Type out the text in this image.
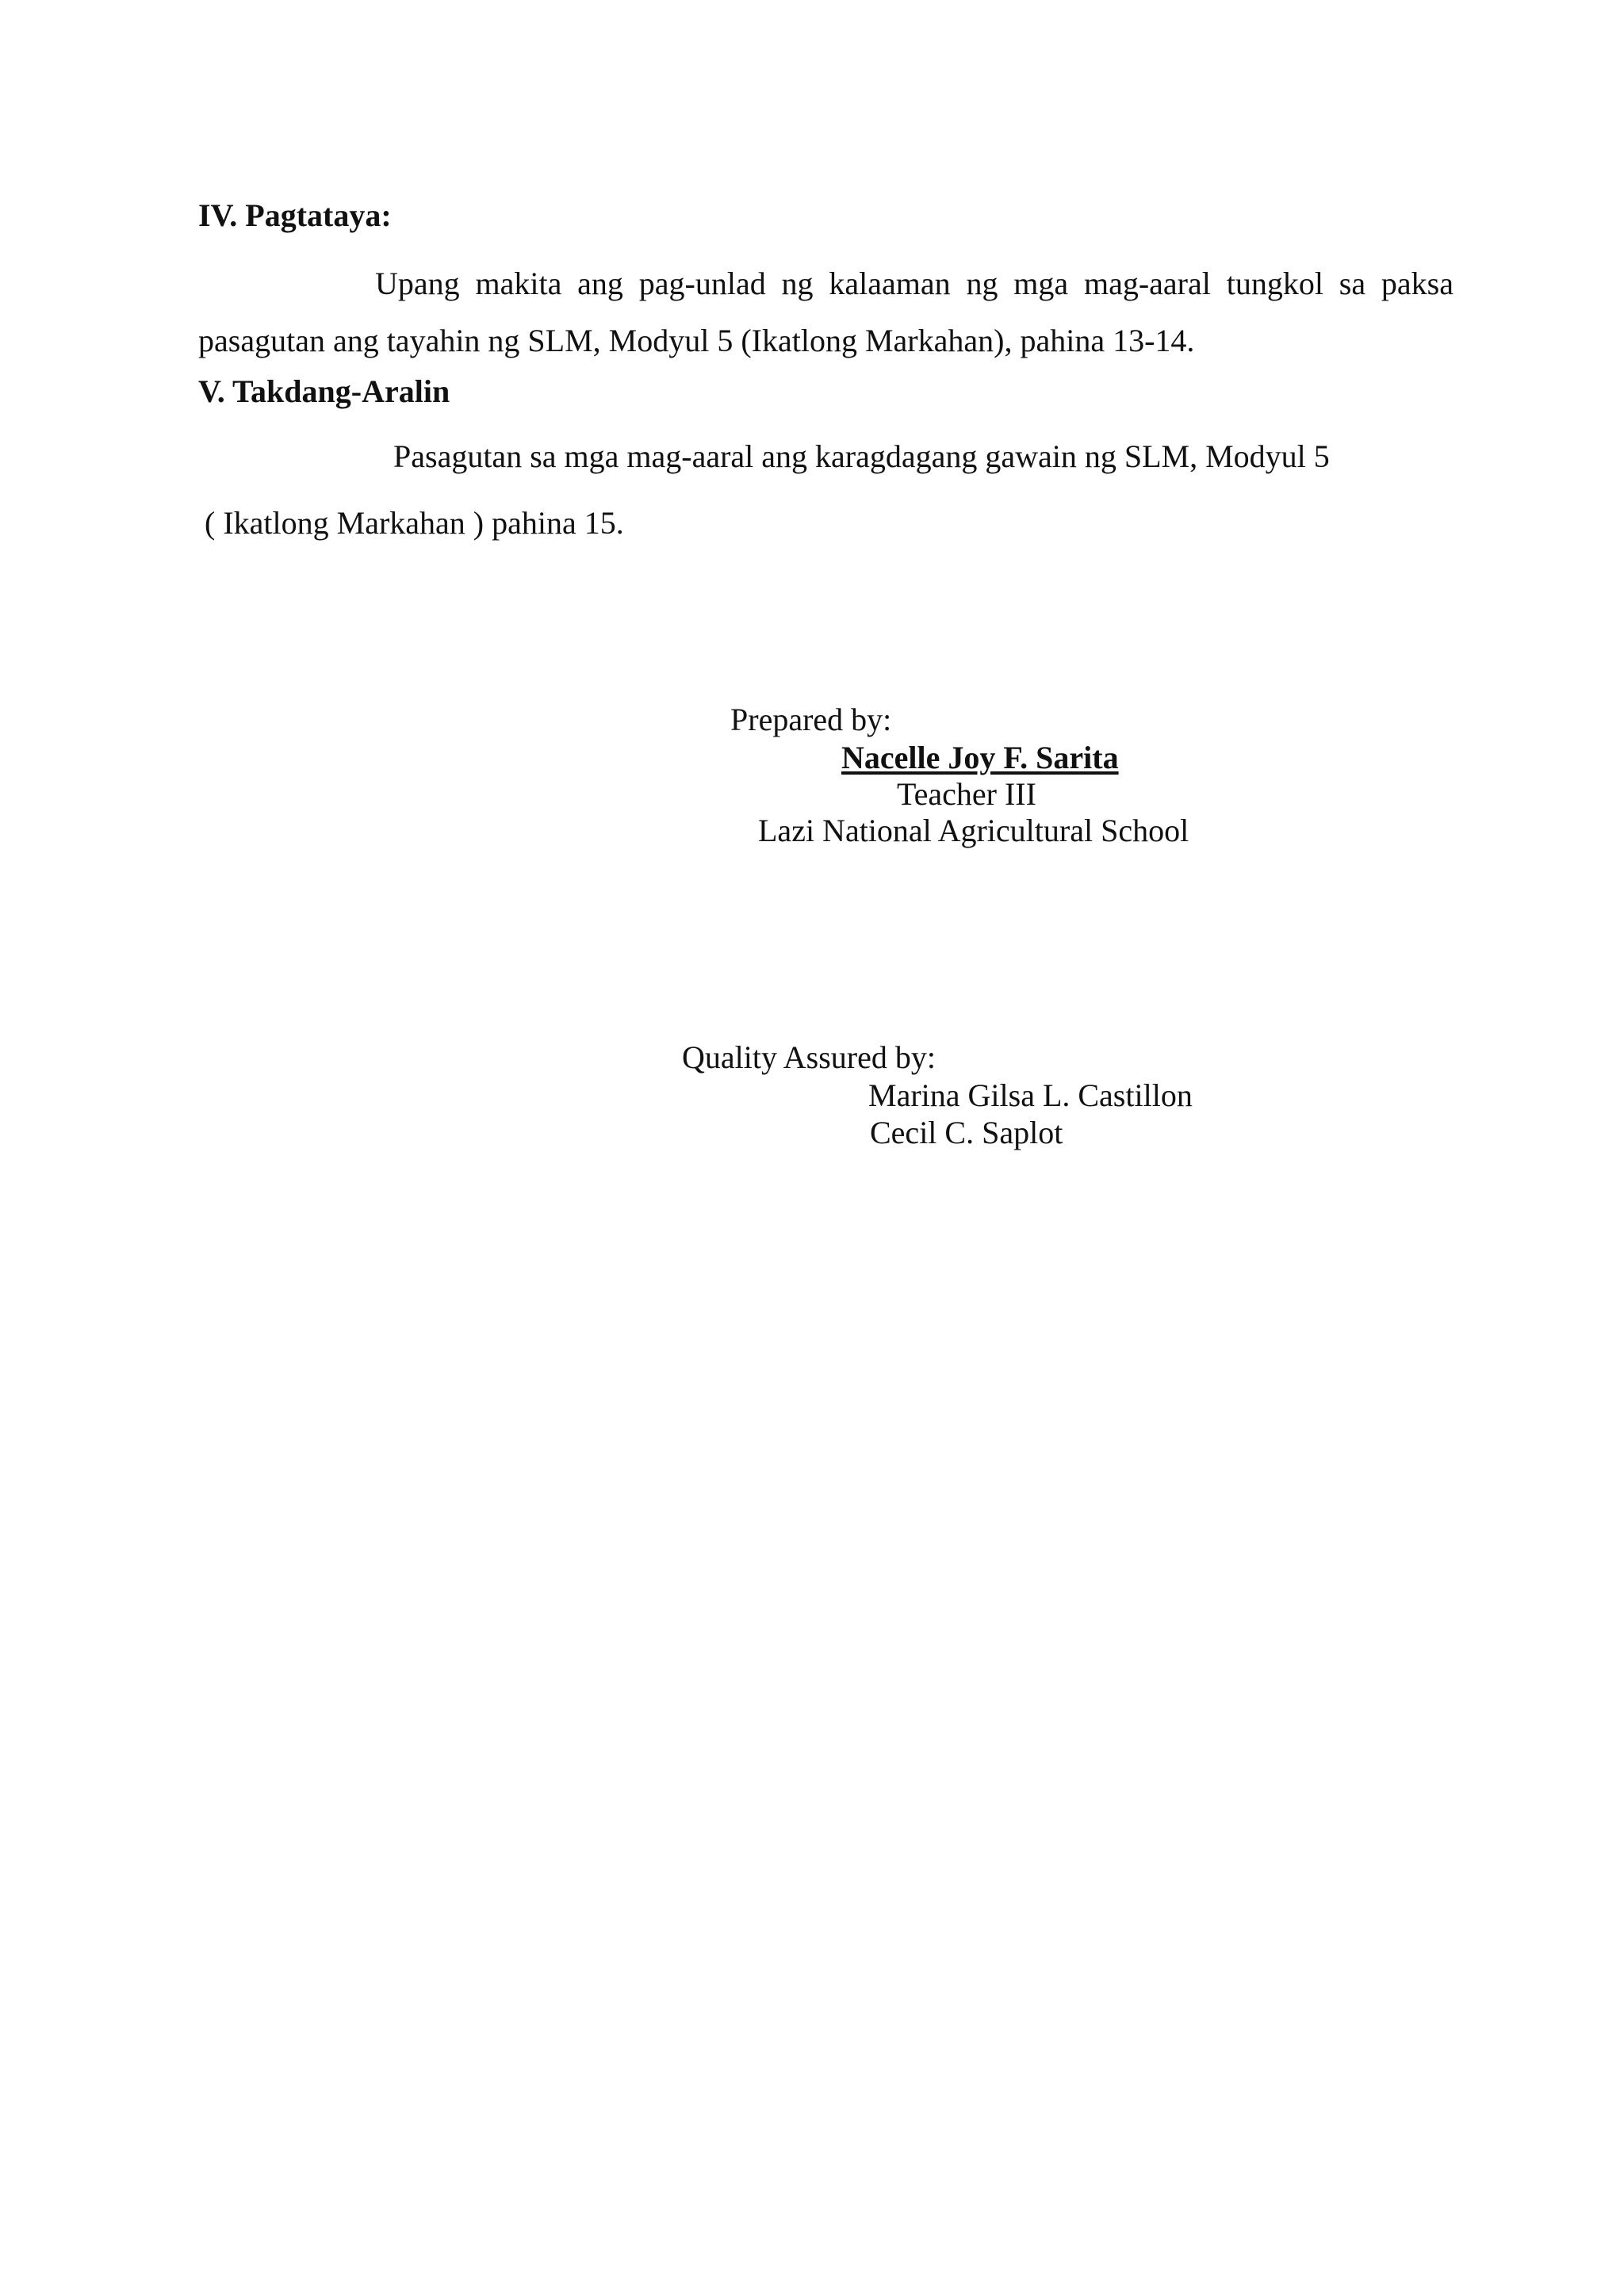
IV. Pagtataya:

Upang makita ang pag-unlad ng kalaaman ng mga mag-aaral tungkol sa paksa
pasagutan ang tayahin ng SLM, Modyul 5 (Ikatlong Markahan), pahina 13-14.

V. Takdang-Aralin

Pasagutan sa mga mag-aaral ang karagdagang gawain ng SLM, Modyul 5

( Ikatlong Markahan ) pahina 15.

Prepared by:

Nacelle Joy F. Sarita

Teacher III

Lazi National Agricultural School

Quality Assured by:

Marina Gilsa L. Castillon

Cecil C. Saplot
